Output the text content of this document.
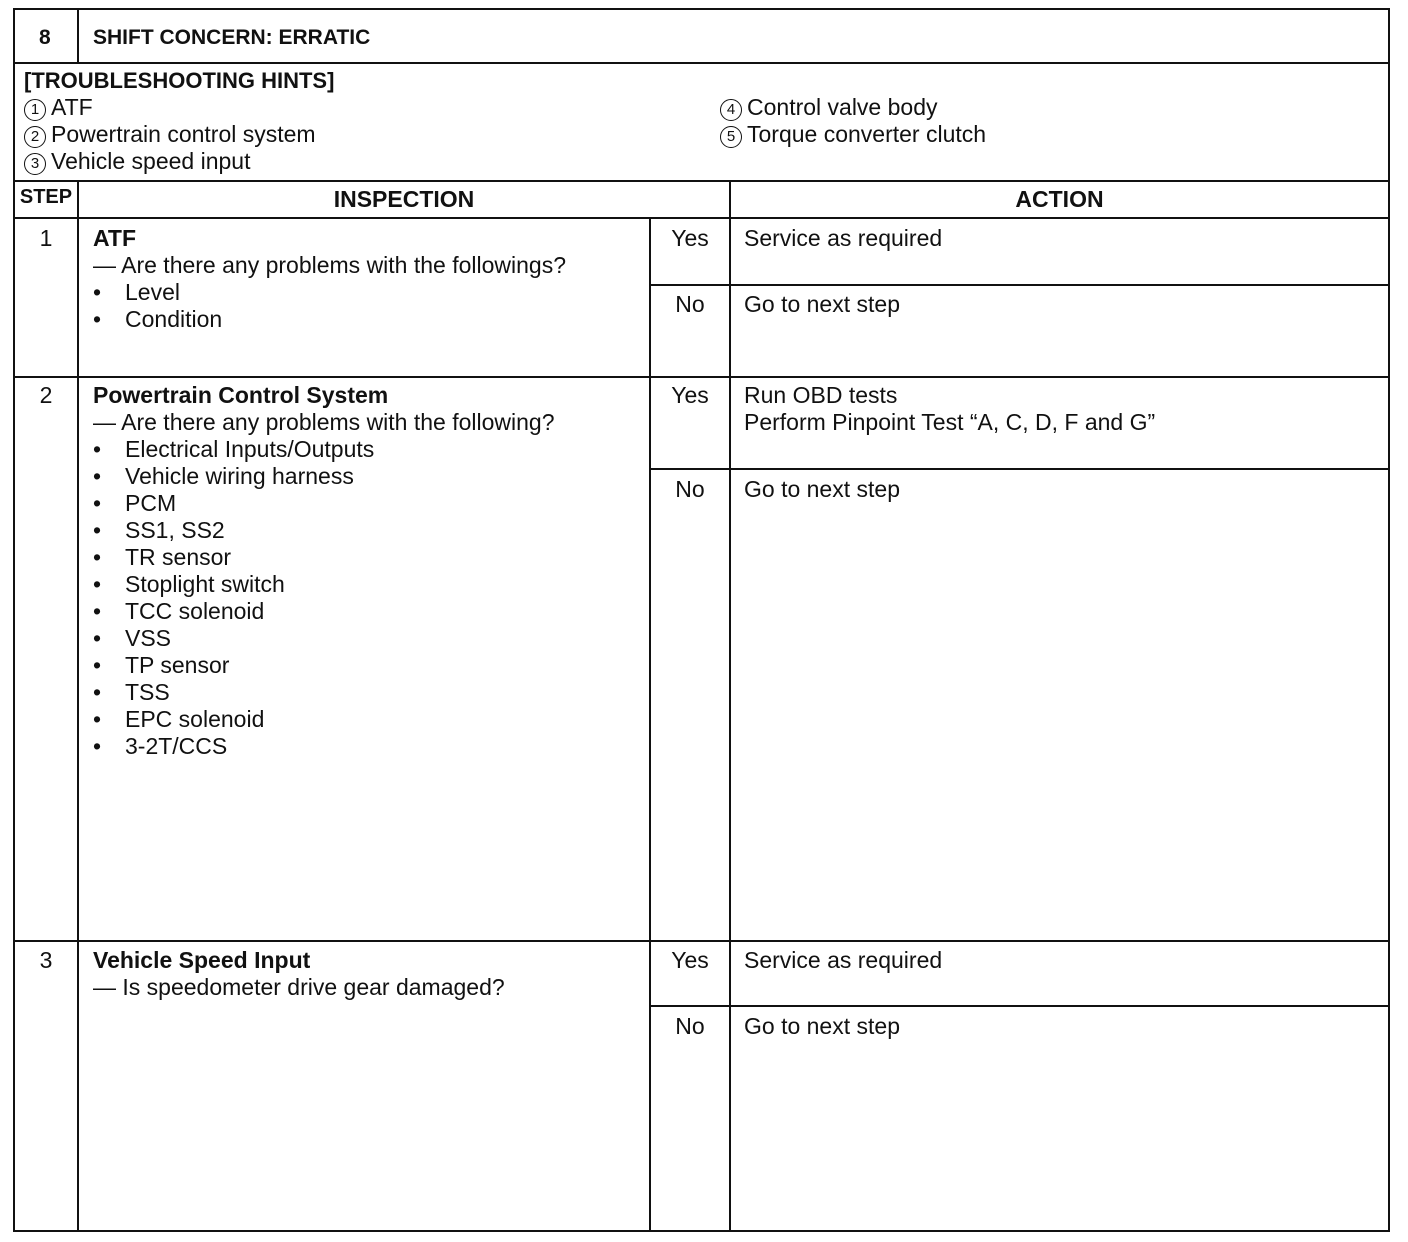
8 SHIFT CONCERN: ERRATIC
[TROUBLESHOOTING HINTS]
1 ATF
2 Powertrain control system
3 Vehicle speed input
4 Control valve body
5 Torque converter clutch
STEP	INSPECTION	ACTION
1	ATF
— Are there any problems with the followings?
• Level
• Condition
Yes	Service as required
No	Go to next step
2	Powertrain Control System
— Are there any problems with the following?
• Electrical Inputs/Outputs
• Vehicle wiring harness
• PCM
• SS1, SS2
• TR sensor
• Stoplight switch
• TCC solenoid
• VSS
• TP sensor
• TSS
• EPC solenoid
• 3-2T/CCS
Yes	Run OBD tests
Perform Pinpoint Test “A, C, D, F and G”
No	Go to next step
3	Vehicle Speed Input
— Is speedometer drive gear damaged?
Yes	Service as required
No	Go to next step
